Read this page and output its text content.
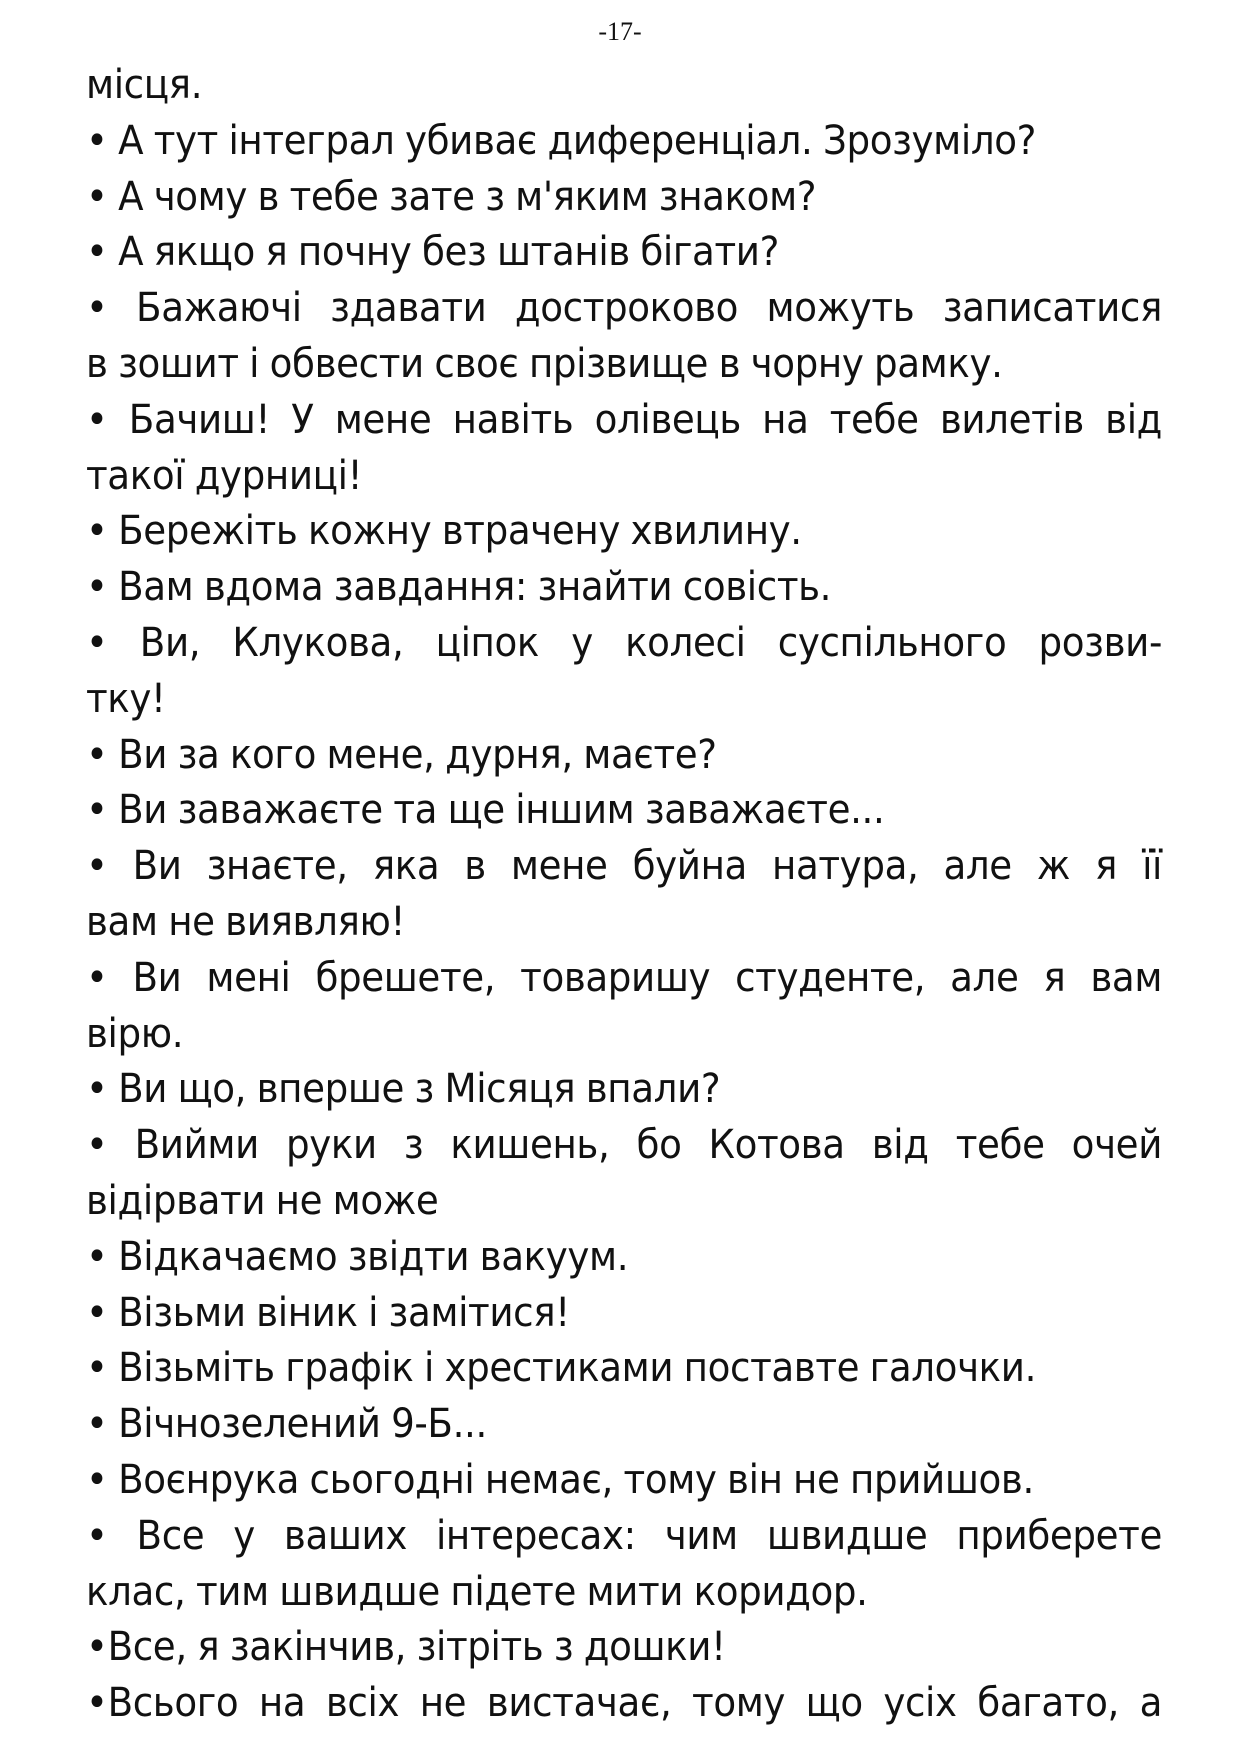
-17-
місця.
• А тут інтеграл убиває диференціал. Зрозуміло?
• А чому в тебе зате з м'яким знаком?
• А якщо я почну без штанів бігати?
• Бажаючі здавати достроково можуть записатися
в зошит і обвести своє прізвище в чорну рамку.
• Бачиш! У мене навіть олівець на тебе вилетів від
такої дурниці!
• Бережіть кожну втрачену хвилину.
• Вам вдома завдання: знайти совість.
• Ви, Клукова, ціпок у колесі суспільного розви-
тку!
• Ви за кого мене, дурня, маєте?
• Ви заважаєте та ще іншим заважаєте...
• Ви знаєте, яка в мене буйна натура, але ж я її
вам не виявляю!
• Ви мені брешете, товаришу студенте, але я вам
вірю.
• Ви що, вперше з Місяця впали?
• Вийми руки з кишень, бо Котова від тебе очей
відірвати не може
• Відкачаємо звідти вакуум.
• Візьми віник і замітися!
• Візьміть графік і хрестиками поставте галочки.
• Вічнозелений 9-Б...
• Воєнрука сьогодні немає, тому він не прийшов.
• Все у ваших інтересах: чим швидше приберете
клас, тим швидше підете мити коридор.
•Все, я закінчив, зітріть з дошки!
•Всього на всіх не вистачає, тому що усіх багато, а
